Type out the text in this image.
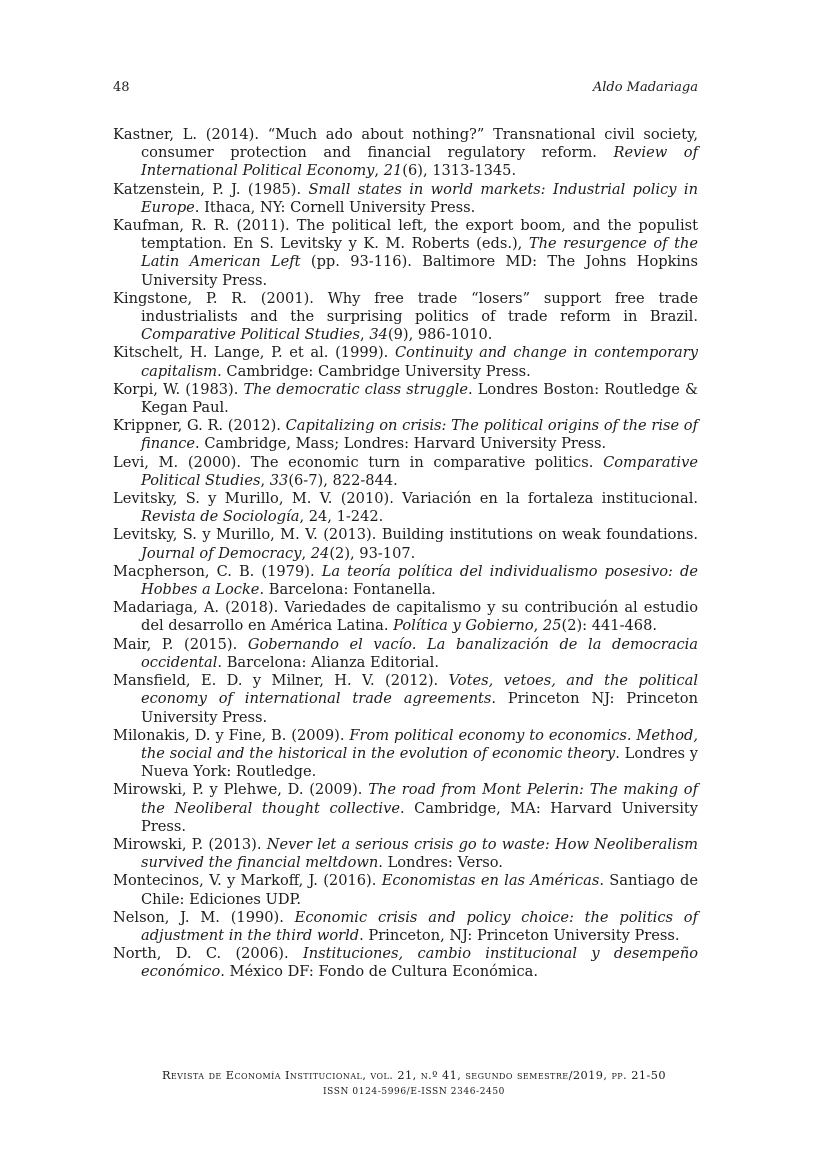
48	Aldo Madariaga
Kastner, L. (2014). “Much ado about nothing?” Transnational civil society, consumer protection and financial regulatory reform. Review of International Political Economy, 21(6), 1313-1345.
Katzenstein, P. J. (1985). Small states in world markets: Industrial policy in Europe. Ithaca, NY: Cornell University Press.
Kaufman, R. R. (2011). The political left, the export boom, and the populist temptation. En S. Levitsky y K. M. Roberts (eds.), The resurgence of the Latin American Left (pp. 93-116). Baltimore MD: The Johns Hopkins University Press.
Kingstone, P. R. (2001). Why free trade “losers” support free trade industrialists and the surprising politics of trade reform in Brazil. Comparative Political Studies, 34(9), 986-1010.
Kitschelt, H. Lange, P. et al. (1999). Continuity and change in contemporary capitalism. Cambridge: Cambridge University Press.
Korpi, W. (1983). The democratic class struggle. Londres Boston: Routledge & Kegan Paul.
Krippner, G. R. (2012). Capitalizing on crisis: The political origins of the rise of finance. Cambridge, Mass; Londres: Harvard University Press.
Levi, M. (2000). The economic turn in comparative politics. Comparative Political Studies, 33(6-7), 822-844.
Levitsky, S. y Murillo, M. V. (2010). Variación en la fortaleza institucional. Revista de Sociología, 24, 1-242.
Levitsky, S. y Murillo, M. V. (2013). Building institutions on weak foundations. Journal of Democracy, 24(2), 93-107.
Macpherson, C. B. (1979). La teoría política del individualismo posesivo: de Hobbes a Locke. Barcelona: Fontanella.
Madariaga, A. (2018). Variedades de capitalismo y su contribución al estudio del desarrollo en América Latina. Política y Gobierno, 25(2): 441-468.
Mair, P. (2015). Gobernando el vacío. La banalización de la democracia occidental. Barcelona: Alianza Editorial.
Mansfield, E. D. y Milner, H. V. (2012). Votes, vetoes, and the political economy of international trade agreements. Princeton NJ: Princeton University Press.
Milonakis, D. y Fine, B. (2009). From political economy to economics. Method, the social and the historical in the evolution of economic theory. Londres y Nueva York: Routledge.
Mirowski, P. y Plehwe, D. (2009). The road from Mont Pelerin: The making of the Neoliberal thought collective. Cambridge, MA: Harvard University Press.
Mirowski, P. (2013). Never let a serious crisis go to waste: How Neoliberalism survived the financial meltdown. Londres: Verso.
Montecinos, V. y Markoff, J. (2016). Economistas en las Américas. Santiago de Chile: Ediciones UDP.
Nelson, J. M. (1990). Economic crisis and policy choice: the politics of adjustment in the third world. Princeton, NJ: Princeton University Press.
North, D. C. (2006). Instituciones, cambio institucional y desempeño económico. México DF: Fondo de Cultura Económica.
Revista de Economía Institucional, vol. 21, n.º 41, segundo semestre/2019, pp. 21-50
ISSN 0124-5996/E-ISSN 2346-2450
